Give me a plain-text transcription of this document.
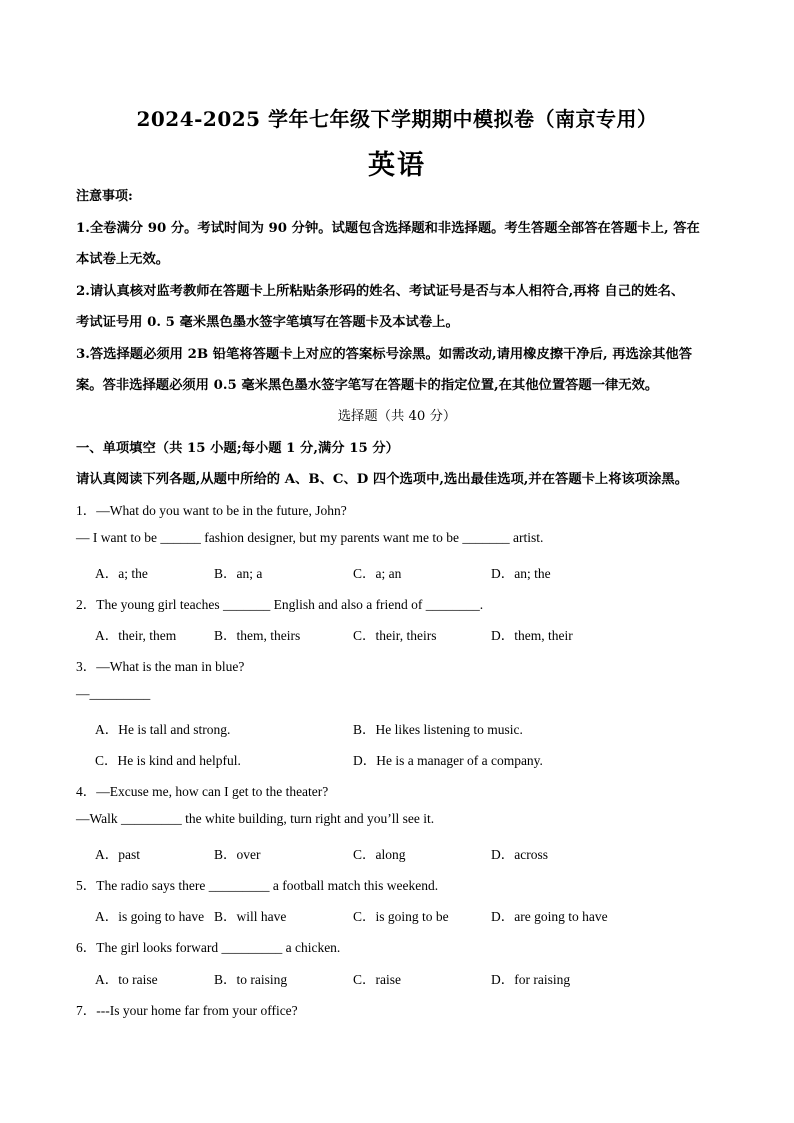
2024-2025 学年七年级下学期期中模拟卷（南京专用）
英语
注意事项:
1.全卷满分 90 分。考试时间为 90 分钟。试题包含选择题和非选择题。考生答题全部答在答题卡上, 答在
本试卷上无效。
2.请认真核对监考教师在答题卡上所粘贴条形码的姓名、考试证号是否与本人相符合,再将 自己的姓名、
考试证号用 0. 5 毫米黑色墨水签字笔填写在答题卡及本试卷上。
3.答选择题必须用 2B 铅笔将答题卡上对应的答案标号涂黑。如需改动,请用橡皮擦干净后, 再选涂其他答
案。答非选择题必须用 0.5 毫米黑色墨水签字笔写在答题卡的指定位置,在其他位置答题一律无效。
选择题（共 40 分）
一、单项填空（共 15 小题;每小题 1 分,满分 15 分）
请认真阅读下列各题,从题中所给的 A、B、C、D 四个选项中,选出最佳选项,并在答题卡上将该项涂黑。
1．—What do you want to be in the future, John?
— I want to be ______ fashion designer, but my parents want me to be _______ artist.
A．a; the	B．an; a	C．a; an	D．an; the
2．The young girl teaches _______ English and also a friend of ________.
A．their, them	B．them, theirs	C．their, theirs	D．them, their
3．—What is the man in blue?
—_________
A．He is tall and strong.	B．He likes listening to music.
C．He is kind and helpful.	D．He is a manager of a company.
4．—Excuse me, how can I get to the theater?
—Walk _________ the white building, turn right and you’ll see it.
A．past	B．over	C．along	D．across
5．The radio says there _________ a football match this weekend.
A．is going to have B．will have	C．is going to be	D．are going to have
6．The girl looks forward _________ a chicken.
A．to raise	B．to raising	C．raise	D．for raising
7．---Is your home far from your office?
